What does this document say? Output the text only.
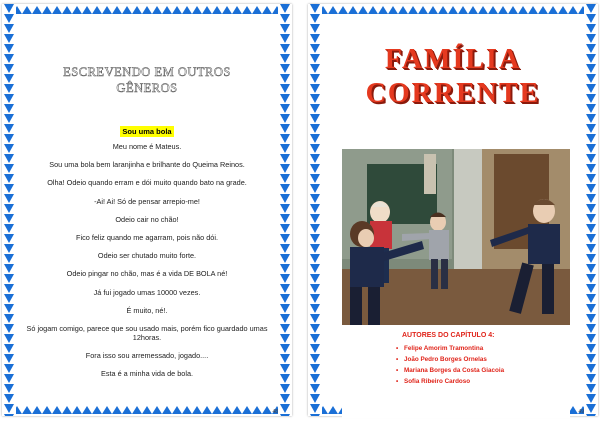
ESCREVENDO EM OUTROS
GÊNEROS
Sou uma bola

Meu nome é Mateus.

Sou uma bola bem laranjinha e brilhante do Queima Reinos.

Olha! Odeio quando erram e dói muito quando bato na grade.

-Ai! Ai! Só de pensar arrepio-me!

Odeio cair no chão!

Fico feliz quando me agarram, pois não dói.

Odeio ser chutado muito forte.

Odeio pingar no chão, mas é a vida DE BOLA né!

Já fui jogado umas 10000 vezes.

É muito, né!.

Só jogam comigo, parece que sou usado mais, porém fico guardado umas 12horas.

Fora isso sou arremessado, jogado....

Esta é a minha vida de bola.

48
FAMÍLIA
CORRENTE
AUTORES DO CAPÍTULO 4:
• Felipe Amorim Tramontina
• João Pedro Borges Ornelas
• Mariana Borges da Costa Giacoia
• Sofia Ribeiro Cardoso
49
